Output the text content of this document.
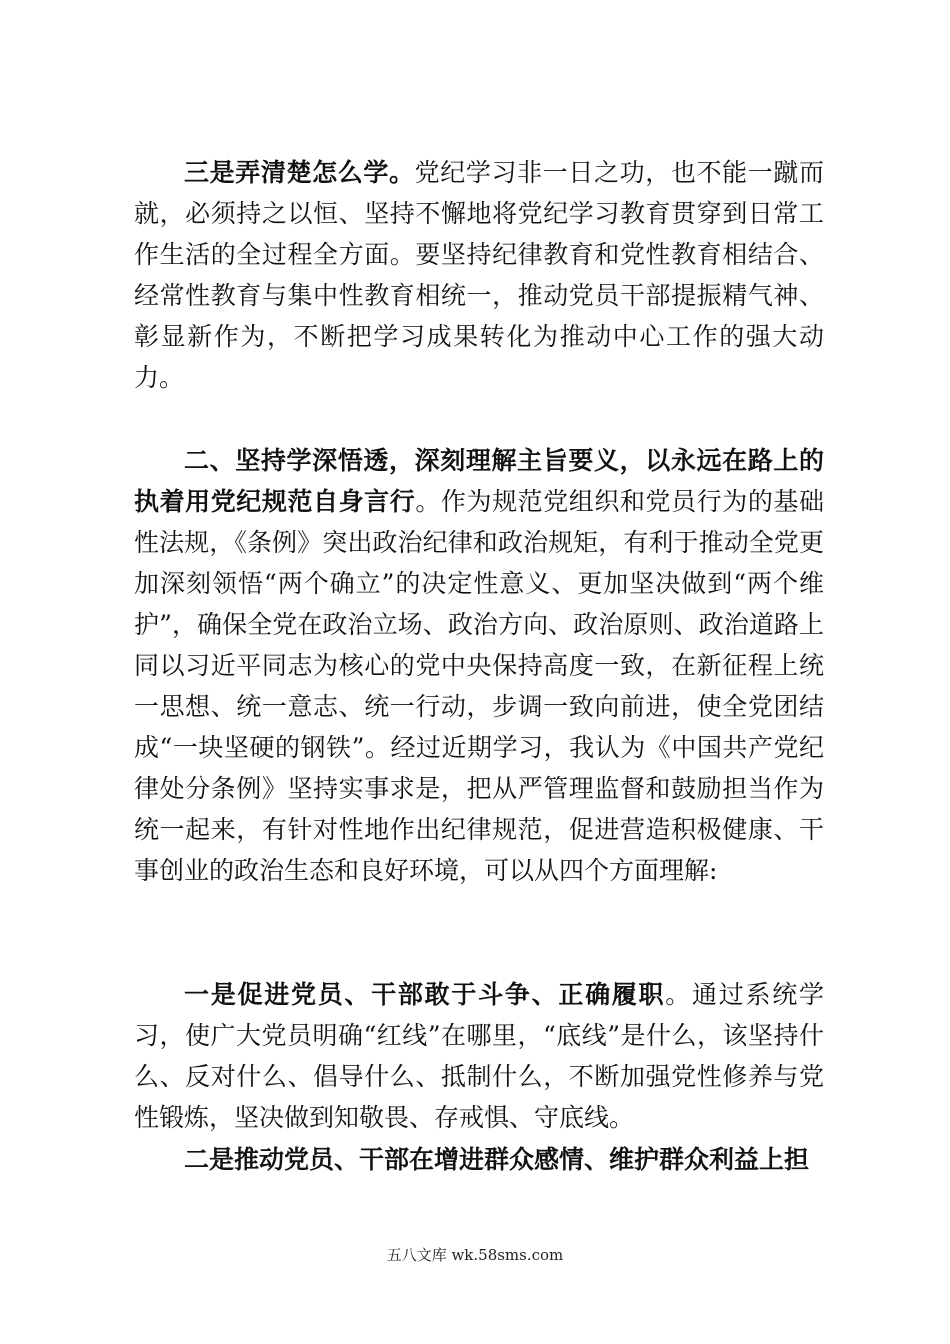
三是弄清楚怎么学。党纪学习非一日之功，也不能一蹴而就，必须持之以恒、坚持不懈地将党纪学习教育贯穿到日常工作生活的全过程全方面。要坚持纪律教育和党性教育相结合、经常性教育与集中性教育相统一，推动党员干部提振精气神、彰显新作为，不断把学习成果转化为推动中心工作的强大动力。

二、坚持学深悟透，深刻理解主旨要义，以永远在路上的执着用党纪规范自身言行。作为规范党组织和党员行为的基础性法规，《条例》突出政治纪律和政治规矩，有利于推动全党更加深刻领悟“两个确立”的决定性意义、更加坚决做到“两个维护”，确保全党在政治立场、政治方向、政治原则、政治道路上同以习近平同志为核心的党中央保持高度一致，在新征程上统一思想、统一意志、统一行动，步调一致向前进，使全党团结成“一块坚硬的钢铁”。经过近期学习，我认为《中国共产党纪律处分条例》坚持实事求是，把从严管理监督和鼓励担当作为统一起来，有针对性地作出纪律规范，促进营造积极健康、干事创业的政治生态和良好环境，可以从四个方面理解:

一是促进党员、干部敢于斗争、正确履职。通过系统学习，使广大党员明确“红线”在哪里，“底线”是什么，该坚持什么、反对什么、倡导什么、抵制什么，不断加强党性修养与党性锻炼，坚决做到知敬畏、存戒惧、守底线。

二是推动党员、干部在增进群众感情、维护群众利益上担

五八文库 wk.58sms.com
